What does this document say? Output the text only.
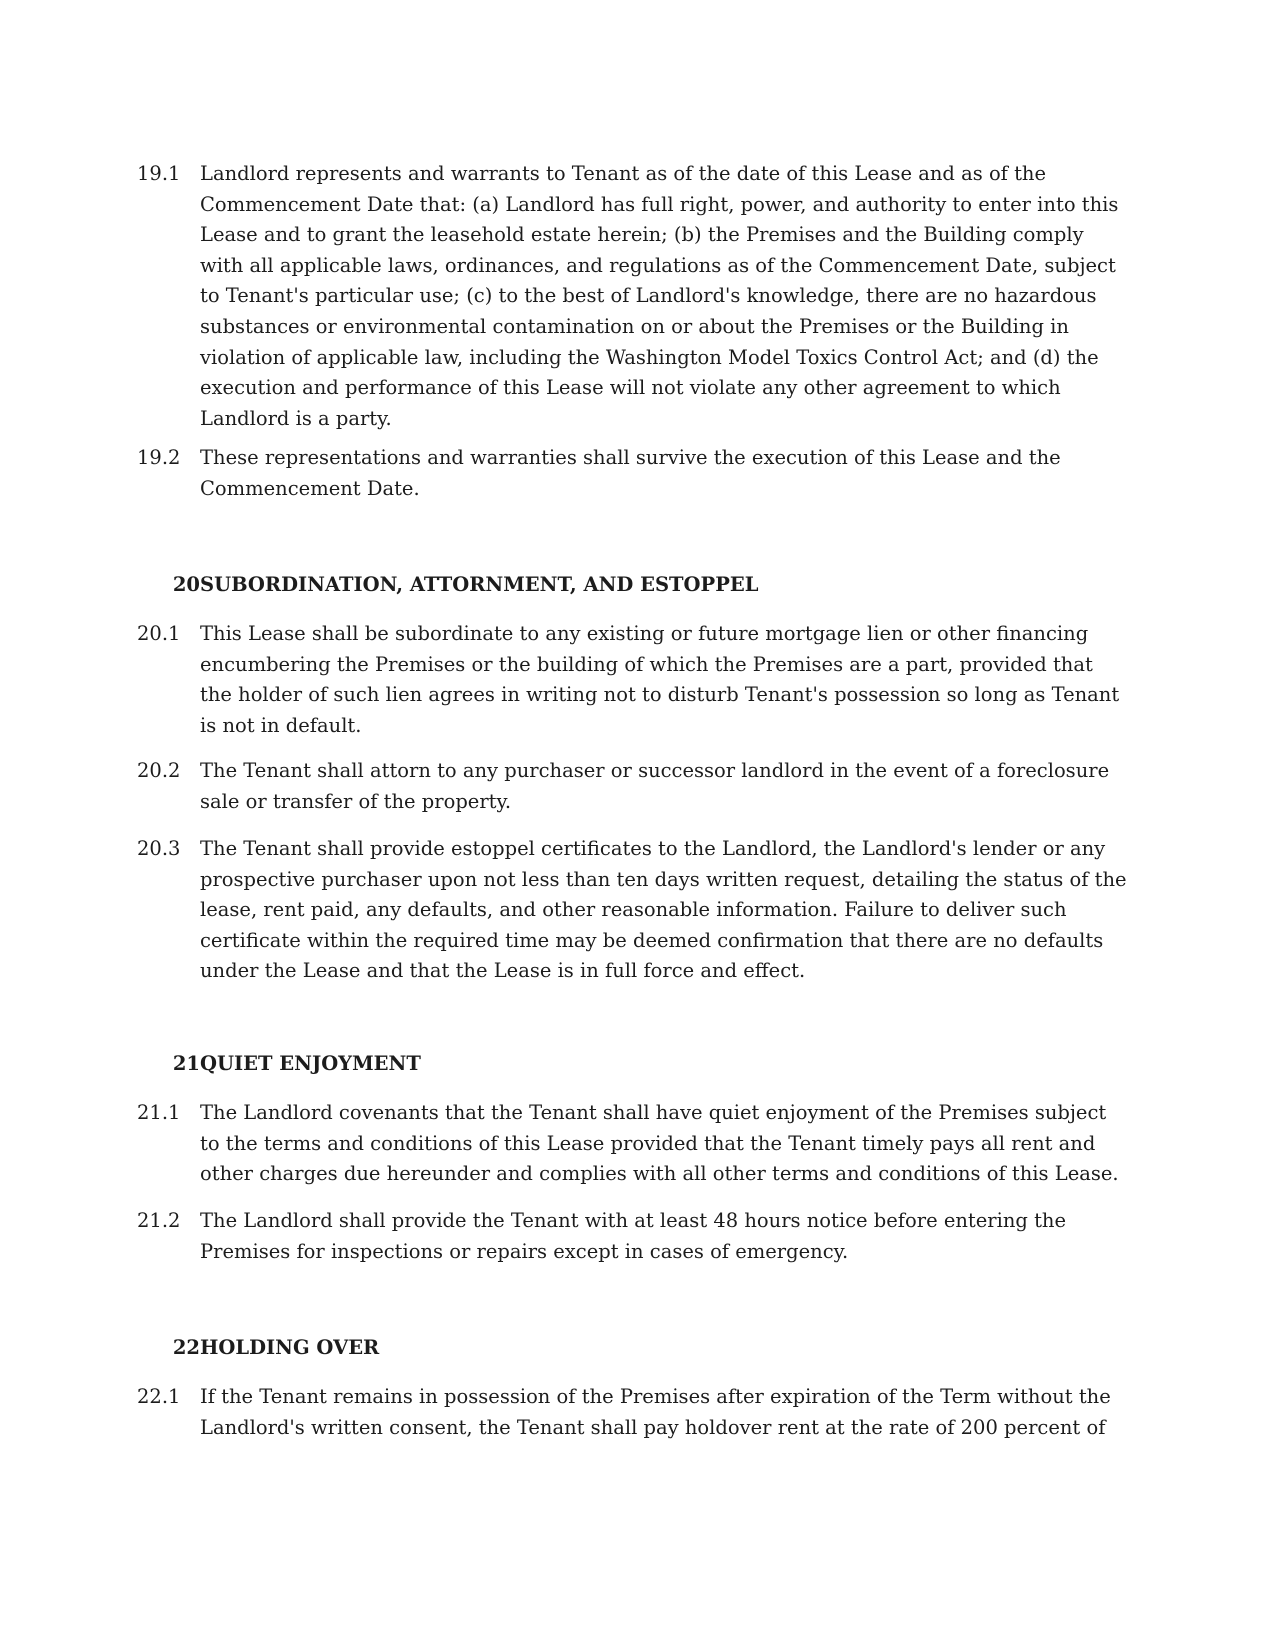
19.1	Landlord represents and warrants to Tenant as of the date of this Lease and as of the Commencement Date that: (a) Landlord has full right, power, and authority to enter into this Lease and to grant the leasehold estate herein; (b) the Premises and the Building comply with all applicable laws, ordinances, and regulations as of the Commencement Date, subject to Tenant's particular use; (c) to the best of Landlord's knowledge, there are no hazardous substances or environmental contamination on or about the Premises or the Building in violation of applicable law, including the Washington Model Toxics Control Act; and (d) the execution and performance of this Lease will not violate any other agreement to which Landlord is a party.
19.2	These representations and warranties shall survive the execution of this Lease and the Commencement Date.
20 SUBORDINATION, ATTORNMENT, AND ESTOPPEL
20.1	This Lease shall be subordinate to any existing or future mortgage lien or other financing encumbering the Premises or the building of which the Premises are a part, provided that the holder of such lien agrees in writing not to disturb Tenant's possession so long as Tenant is not in default.
20.2	The Tenant shall attorn to any purchaser or successor landlord in the event of a foreclosure sale or transfer of the property.
20.3	The Tenant shall provide estoppel certificates to the Landlord, the Landlord's lender or any prospective purchaser upon not less than ten days written request, detailing the status of the lease, rent paid, any defaults, and other reasonable information. Failure to deliver such certificate within the required time may be deemed confirmation that there are no defaults under the Lease and that the Lease is in full force and effect.
21 QUIET ENJOYMENT
21.1	The Landlord covenants that the Tenant shall have quiet enjoyment of the Premises subject to the terms and conditions of this Lease provided that the Tenant timely pays all rent and other charges due hereunder and complies with all other terms and conditions of this Lease.
21.2	The Landlord shall provide the Tenant with at least 48 hours notice before entering the Premises for inspections or repairs except in cases of emergency.
22 HOLDING OVER
22.1	If the Tenant remains in possession of the Premises after expiration of the Term without the Landlord's written consent, the Tenant shall pay holdover rent at the rate of 200 percent of
